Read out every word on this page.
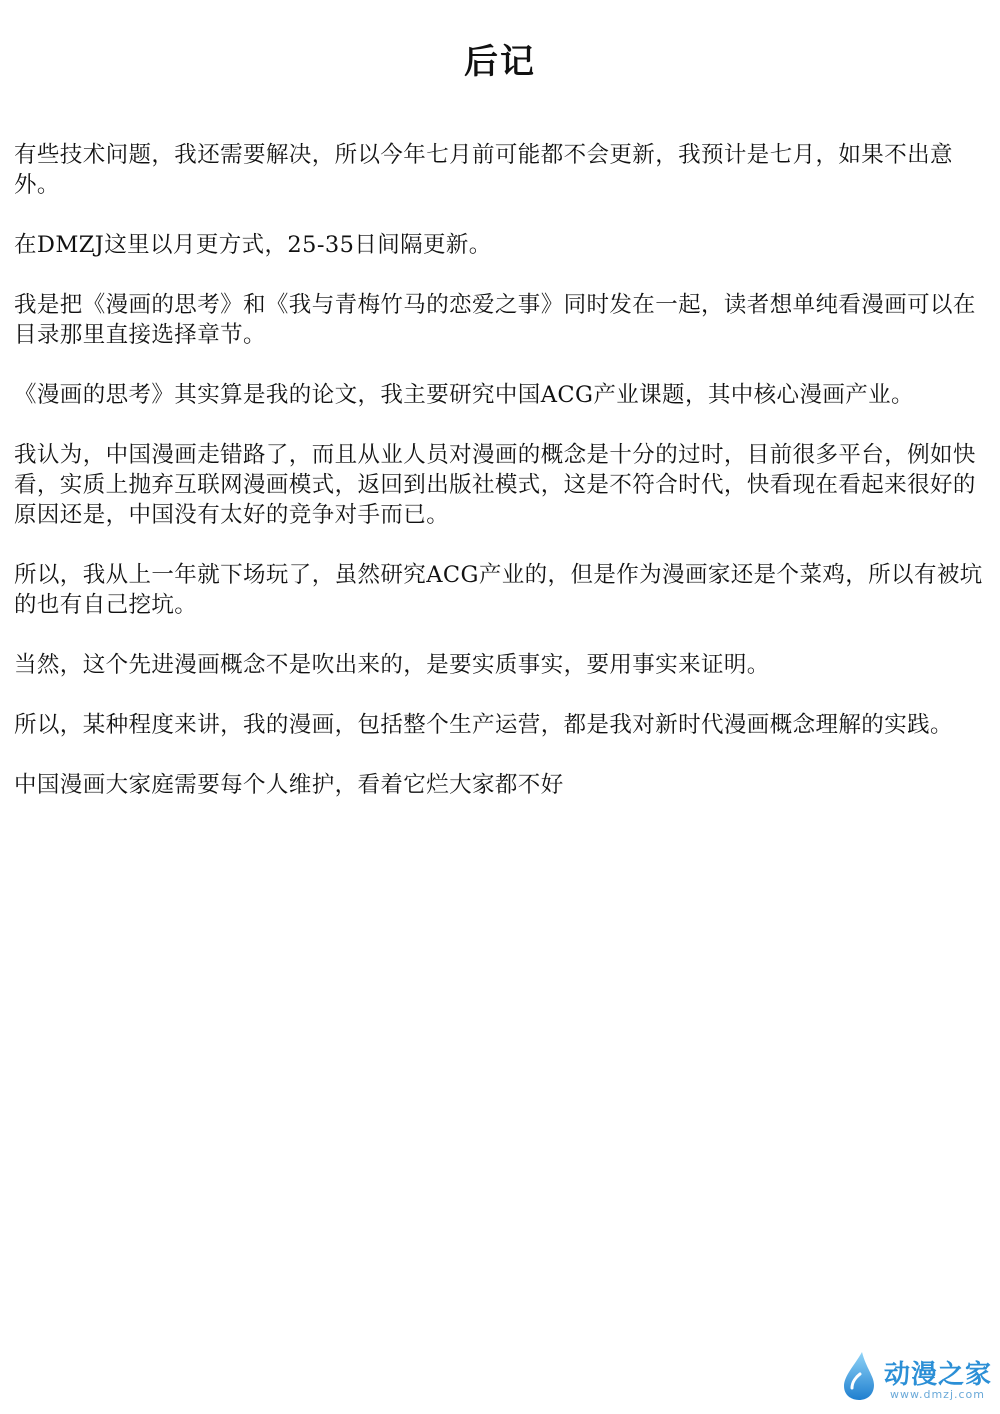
后记

有些技术问题，我还需要解决，所以今年七月前可能都不会更新，我预计是七月，如果不出意外。

在DMZJ这里以月更方式，25-35日间隔更新。

我是把《漫画的思考》和《我与青梅竹马的恋爱之事》同时发在一起，读者想单纯看漫画可以在目录那里直接选择章节。

《漫画的思考》其实算是我的论文，我主要研究中国ACG产业课题，其中核心漫画产业。

我认为，中国漫画走错路了，而且从业人员对漫画的概念是十分的过时，目前很多平台，例如快看，实质上抛弃互联网漫画模式，返回到出版社模式，这是不符合时代，快看现在看起来很好的原因还是，中国没有太好的竞争对手而已。

所以，我从上一年就下场玩了，虽然研究ACG产业的，但是作为漫画家还是个菜鸡，所以有被坑的也有自己挖坑。

当然，这个先进漫画概念不是吹出来的，是要实质事实，要用事实来证明。

所以，某种程度来讲，我的漫画，包括整个生产运营，都是我对新时代漫画概念理解的实践。

中国漫画大家庭需要每个人维护，看着它烂大家都不好

动漫之家
www.dmzj.com
